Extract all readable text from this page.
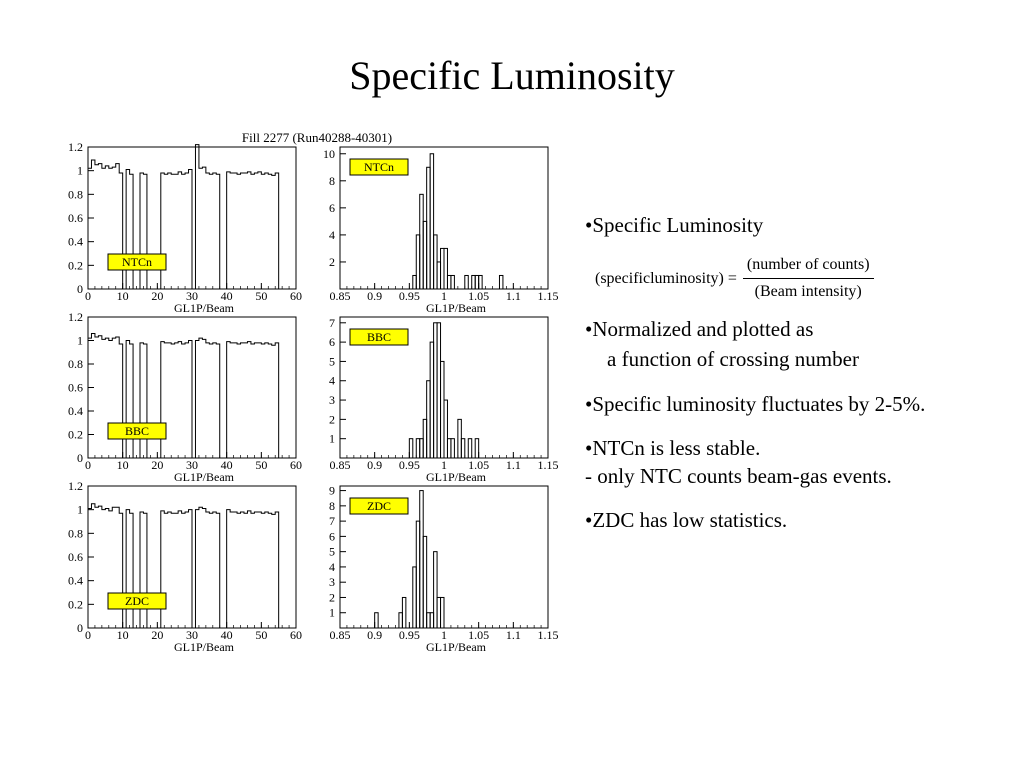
Specific Luminosity
Fill 2277 (Run40288-40301)
0 10 20 30 40 50 60
0
0.2
0.4
0.6
0.8
1
1.2
GL1P/Beam
NTCn
0.85 0.9 0.95 1 1.05 1.1 1.15
2
4
6
8
10
GL1P/Beam
NTCn
0 10 20 30 40 50 60
0
0.2
0.4
0.6
0.8
1
1.2
GL1P/Beam
BBC
0.85 0.9 0.95 1 1.05 1.1 1.15
1
2
3
4
5
6
7
GL1P/Beam
BBC
0 10 20 30 40 50 60
0
0.2
0.4
0.6
0.8
1
1.2
GL1P/Beam
ZDC
0.85 0.9 0.95 1 1.05 1.1 1.15
1
2
3
4
5
6
7
8
9
GL1P/Beam
ZDC

•Specific Luminosity

(specificluminosity) = $\frac{\text{(number of counts)}}{\text{(Beam intensity)}}$

•Normalized and plotted as
a function of crossing number

•Specific luminosity fluctuates by 2-5%.

•NTCn is less stable.
- only NTC counts beam-gas events.

•ZDC has low statistics.
